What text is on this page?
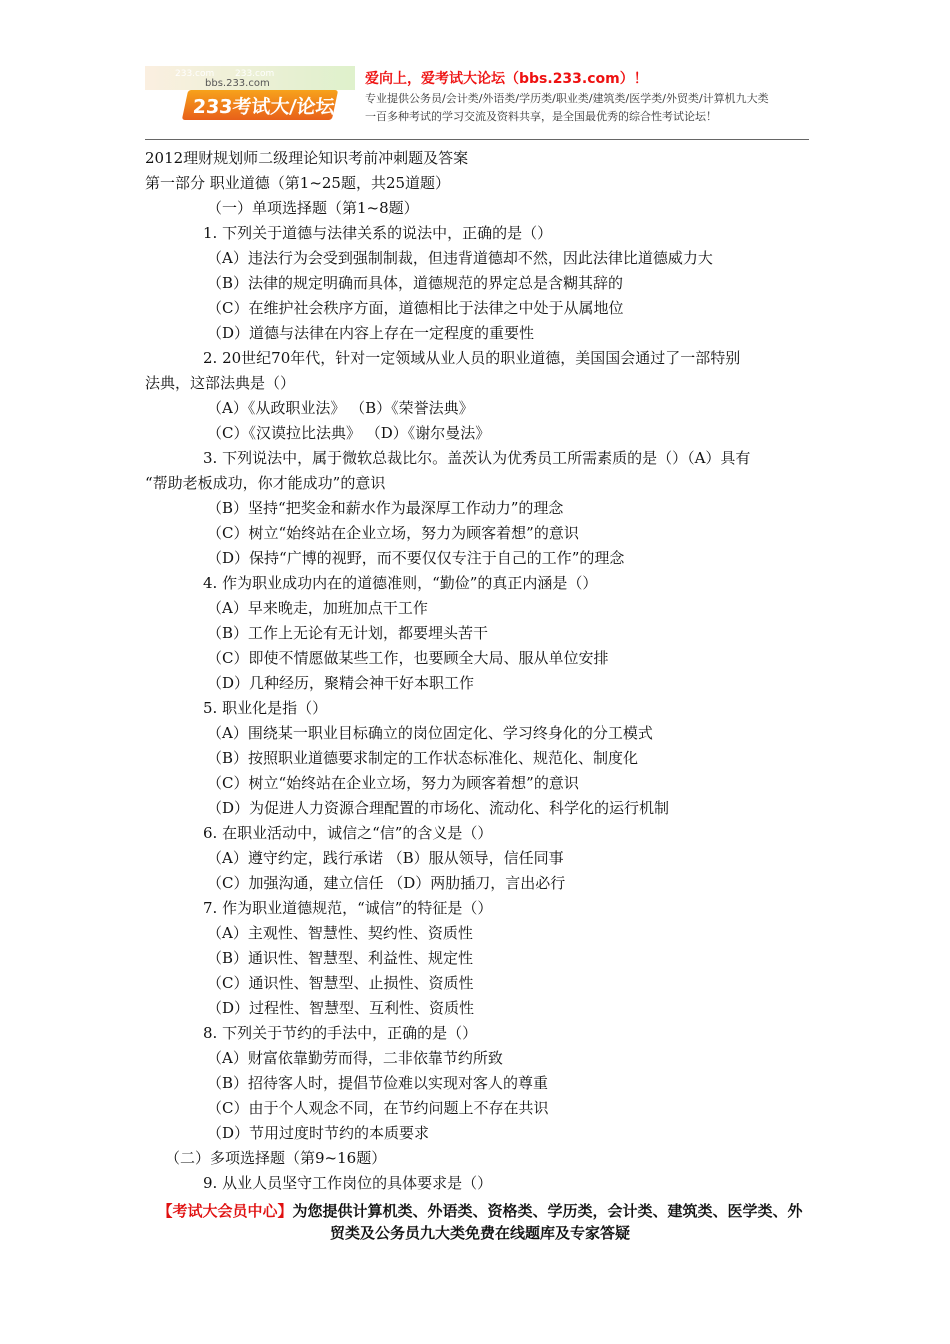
233.com 233.com
bbs.233.com
233考试大/论坛
爱向上，爱考试大论坛（bbs.233.com）！
专业提供公务员/会计类/外语类/学历类/职业类/建筑类/医学类/外贸类/计算机九大类
一百多种考试的学习交流及资料共享，是全国最优秀的综合性考试论坛！
2012理财规划师二级理论知识考前冲刺题及答案
第一部分 职业道德（第1~25题，共25道题）
（一）单项选择题（第1~8题）
1. 下列关于道德与法律关系的说法中，正确的是（）
（A）违法行为会受到强制制裁，但违背道德却不然，因此法律比道德威力大
（B）法律的规定明确而具体，道德规范的界定总是含糊其辞的
（C）在维护社会秩序方面，道德相比于法律之中处于从属地位
（D）道德与法律在内容上存在一定程度的重要性
2. 20世纪70年代，针对一定领域从业人员的职业道德，美国国会通过了一部特别
法典，这部法典是（）
（A）《从政职业法》 （B）《荣誉法典》
（C）《汉谟拉比法典》 （D）《谢尔曼法》
3. 下列说法中，属于微软总裁比尔。盖茨认为优秀员工所需素质的是（）（A）具有
“帮助老板成功，你才能成功”的意识
（B）坚持“把奖金和薪水作为最深厚工作动力”的理念
（C）树立“始终站在企业立场，努力为顾客着想”的意识
（D）保持“广博的视野，而不要仅仅专注于自己的工作”的理念
4. 作为职业成功内在的道德准则，“勤俭”的真正内涵是（）
（A）早来晚走，加班加点干工作
（B）工作上无论有无计划，都要埋头苦干
（C）即使不情愿做某些工作，也要顾全大局、服从单位安排
（D）几种经历，聚精会神干好本职工作
5. 职业化是指（）
（A）围绕某一职业目标确立的岗位固定化、学习终身化的分工模式
（B）按照职业道德要求制定的工作状态标准化、规范化、制度化
（C）树立“始终站在企业立场，努力为顾客着想”的意识
（D）为促进人力资源合理配置的市场化、流动化、科学化的运行机制
6. 在职业活动中，诚信之“信”的含义是（）
（A）遵守约定，践行承诺 （B）服从领导，信任同事
（C）加强沟通，建立信任 （D）两肋插刀，言出必行
7. 作为职业道德规范，“诚信”的特征是（）
（A）主观性、智慧性、契约性、资质性
（B）通识性、智慧型、利益性、规定性
（C）通识性、智慧型、止损性、资质性
（D）过程性、智慧型、互利性、资质性
8. 下列关于节约的手法中，正确的是（）
（A）财富依靠勤劳而得，二非依靠节约所致
（B）招待客人时，提倡节俭难以实现对客人的尊重
（C）由于个人观念不同，在节约问题上不存在共识
（D）节用过度时节约的本质要求
（二）多项选择题（第9~16题）
9. 从业人员坚守工作岗位的具体要求是（）
【考试大会员中心】为您提供计算机类、外语类、资格类、学历类，会计类、建筑类、医学类、外
贸类及公务员九大类免费在线题库及专家答疑
